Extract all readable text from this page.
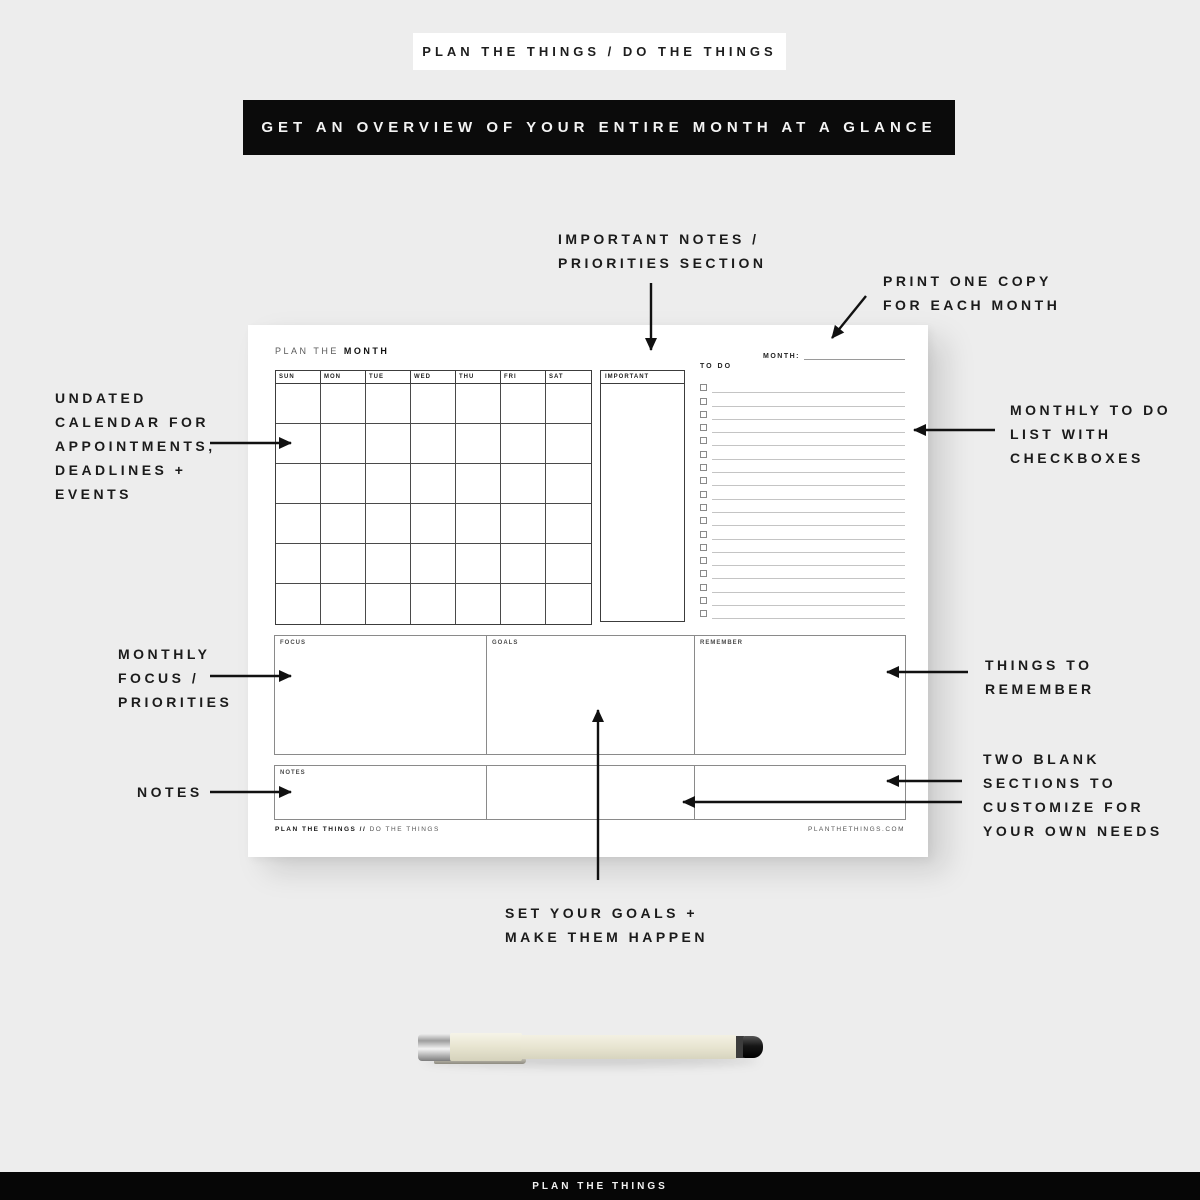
PLAN THE THINGS / DO THE THINGS
GET AN OVERVIEW OF YOUR ENTIRE MONTH AT A GLANCE
PLAN THE MONTH
MONTH:
SUN	MON	TUE	WED	THU	FRI	SAT	IMPORTANT
TO DO
FOCUS	GOALS	REMEMBER
NOTES
PLAN THE THINGS // DO THE THINGS	PLANTHETHINGS.COM
IMPORTANT NOTES /
PRIORITIES SECTION
PRINT ONE COPY
FOR EACH MONTH
UNDATED
CALENDAR FOR
APPOINTMENTS,
DEADLINES +
EVENTS
MONTHLY TO DO
LIST WITH
CHECKBOXES
MONTHLY
FOCUS /
PRIORITIES
THINGS TO
REMEMBER
NOTES
TWO BLANK
SECTIONS TO
CUSTOMIZE FOR
YOUR OWN NEEDS
SET YOUR GOALS +
MAKE THEM HAPPEN
PLAN THE THINGS
